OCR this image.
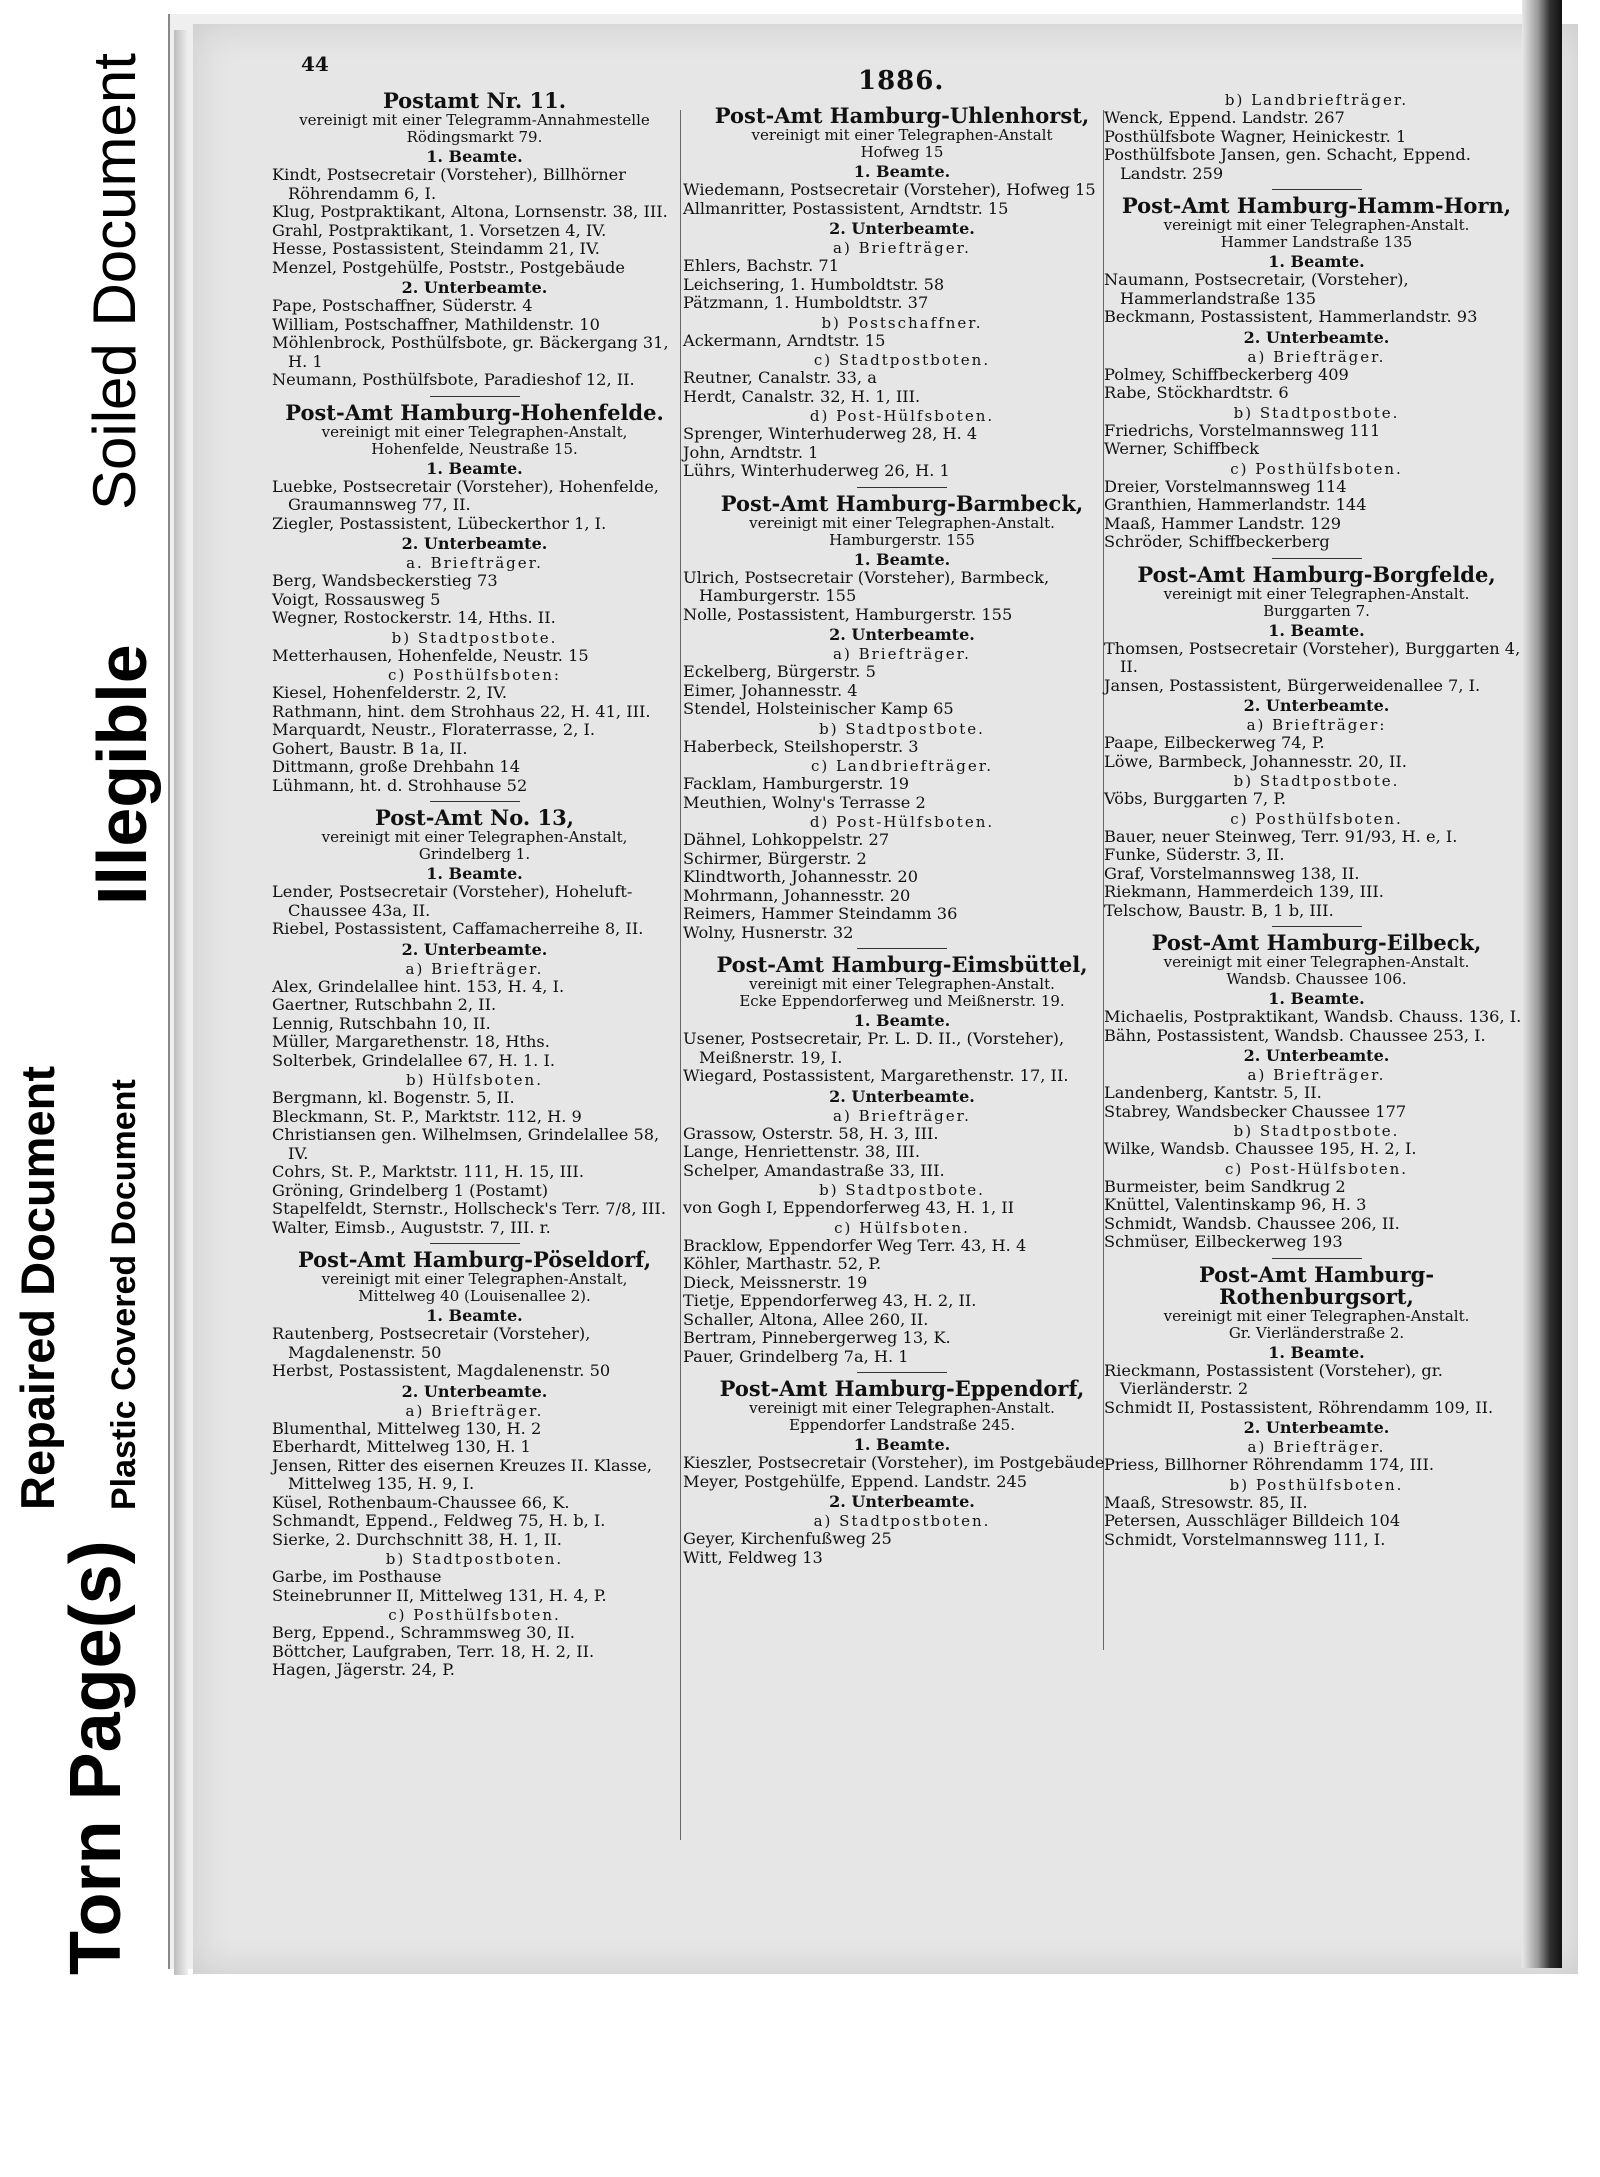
Soiled Document
Illegible
Repaired Document Plastic Covered Document
Torn Page(s)
44
1886.
Postamt Nr. 11.
vereinigt mit einer Telegramm-Annahmestelle
Rödingsmarkt 79.
1. Beamte.
Kindt, Postsecretair (Vorsteher), Billhörner Röhrendamm 6, I.
Klug, Postpraktikant, Altona, Lornsenstr. 38, III.
Grahl, Postpraktikant, 1. Vorsetzen 4, IV.
Hesse, Postassistent, Steindamm 21, IV.
Menzel, Postgehülfe, Poststr., Postgebäude
2. Unterbeamte.
Pape, Postschaffner, Süderstr. 4
William, Postschaffner, Mathildenstr. 10
Möhlenbrock, Posthülfsbote, gr. Bäckergang 31, H. 1
Neumann, Posthülfsbote, Paradieshof 12, II.
Post-Amt Hamburg-Hohenfelde.
vereinigt mit einer Telegraphen-Anstalt,
Hohenfelde, Neustraße 15.
1. Beamte.
Luebke, Postsecretair (Vorsteher), Hohenfelde, Graumannsweg 77, II.
Ziegler, Postassistent, Lübeckerthor 1, I.
2. Unterbeamte.
a. Briefträger.
Berg, Wandsbeckerstieg 73
Voigt, Rossausweg 5
Wegner, Rostockerstr. 14, Hths. II.
b) Stadtpostbote.
Metterhausen, Hohenfelde, Neustr. 15
c) Posthülfsboten:
Kiesel, Hohenfelderstr. 2, IV.
Rathmann, hint. dem Strohhaus 22, H. 41, III.
Marquardt, Neustr., Floraterrasse, 2, I.
Gohert, Baustr. B 1a, II.
Dittmann, große Drehbahn 14
Lühmann, ht. d. Strohhause 52
Post-Amt No. 13,
vereinigt mit einer Telegraphen-Anstalt,
Grindelberg 1.
1. Beamte.
Lender, Postsecretair (Vorsteher), Hoheluft-Chaussee 43a, II.
Riebel, Postassistent, Caffamacherreihe 8, II.
2. Unterbeamte.
a) Briefträger.
Alex, Grindelallee hint. 153, H. 4, I.
Gaertner, Rutschbahn 2, II.
Lennig, Rutschbahn 10, II.
Müller, Margarethenstr. 18, Hths.
Solterbek, Grindelallee 67, H. 1. I.
b) Hülfsboten.
Bergmann, kl. Bogenstr. 5, II.
Bleckmann, St. P., Marktstr. 112, H. 9
Christiansen gen. Wilhelmsen, Grindelallee 58, IV.
Cohrs, St. P., Marktstr. 111, H. 15, III.
Gröning, Grindelberg 1 (Postamt)
Stapelfeldt, Sternstr., Hollscheck's Terr. 7/8, III.
Walter, Eimsb., Auguststr. 7, III. r.
Post-Amt Hamburg-Pöseldorf,
vereinigt mit einer Telegraphen-Anstalt,
Mittelweg 40 (Louisenallee 2).
1. Beamte.
Rautenberg, Postsecretair (Vorsteher), Magdalenenstr. 50
Herbst, Postassistent, Magdalenenstr. 50
2. Unterbeamte.
a) Briefträger.
Blumenthal, Mittelweg 130, H. 2
Eberhardt, Mittelweg 130, H. 1
Jensen, Ritter des eisernen Kreuzes II. Klasse, Mittelweg 135, H. 9, I.
Küsel, Rothenbaum-Chaussee 66, K.
Schmandt, Eppend., Feldweg 75, H. b, I.
Sierke, 2. Durchschnitt 38, H. 1, II.
b) Stadtpostboten.
Garbe, im Posthause
Steinebrunner II, Mittelweg 131, H. 4, P.
c) Posthülfsboten.
Berg, Eppend., Schrammsweg 30, II.
Böttcher, Laufgraben, Terr. 18, H. 2, II.
Hagen, Jägerstr. 24, P.
Post-Amt Hamburg-Uhlenhorst,
vereinigt mit einer Telegraphen-Anstalt
Hofweg 15
1. Beamte.
Wiedemann, Postsecretair (Vorsteher), Hofweg 15
Allmanritter, Postassistent, Arndtstr. 15
2. Unterbeamte.
a) Briefträger.
Ehlers, Bachstr. 71
Leichsering, 1. Humboldtstr. 58
Pätzmann, 1. Humboldtstr. 37
b) Postschaffner.
Ackermann, Arndtstr. 15
c) Stadtpostboten.
Reutner, Canalstr. 33, a
Herdt, Canalstr. 32, H. 1, III.
d) Post-Hülfsboten.
Sprenger, Winterhuderweg 28, H. 4
John, Arndtstr. 1
Lührs, Winterhuderweg 26, H. 1
Post-Amt Hamburg-Barmbeck,
vereinigt mit einer Telegraphen-Anstalt.
Hamburgerstr. 155
1. Beamte.
Ulrich, Postsecretair (Vorsteher), Barmbeck, Hamburgerstr. 155
Nolle, Postassistent, Hamburgerstr. 155
2. Unterbeamte.
a) Briefträger.
Eckelberg, Bürgerstr. 5
Eimer, Johannesstr. 4
Stendel, Holsteinischer Kamp 65
b) Stadtpostbote.
Haberbeck, Steilshoperstr. 3
c) Landbriefträger.
Facklam, Hamburgerstr. 19
Meuthien, Wolny's Terrasse 2
d) Post-Hülfsboten.
Dähnel, Lohkoppelstr. 27
Schirmer, Bürgerstr. 2
Klindtworth, Johannesstr. 20
Mohrmann, Johannesstr. 20
Reimers, Hammer Steindamm 36
Wolny, Husnerstr. 32
Post-Amt Hamburg-Eimsbüttel,
vereinigt mit einer Telegraphen-Anstalt.
Ecke Eppendorferweg und Meißnerstr. 19.
1. Beamte.
Usener, Postsecretair, Pr. L. D. II., (Vorsteher), Meißnerstr. 19, I.
Wiegard, Postassistent, Margarethenstr. 17, II.
2. Unterbeamte.
a) Briefträger.
Grassow, Osterstr. 58, H. 3, III.
Lange, Henriettenstr. 38, III.
Schelper, Amandastraße 33, III.
b) Stadtpostbote.
von Gogh I, Eppendorferweg 43, H. 1, II
c) Hülfsboten.
Bracklow, Eppendorfer Weg Terr. 43, H. 4
Köhler, Marthastr. 52, P.
Dieck, Meissnerstr. 19
Tietje, Eppendorferweg 43, H. 2, II.
Schaller, Altona, Allee 260, II.
Bertram, Pinnebergerweg 13, K.
Pauer, Grindelberg 7a, H. 1
Post-Amt Hamburg-Eppendorf,
vereinigt mit einer Telegraphen-Anstalt.
Eppendorfer Landstraße 245.
1. Beamte.
Kieszler, Postsecretair (Vorsteher), im Postgebäude
Meyer, Postgehülfe, Eppend. Landstr. 245
2. Unterbeamte.
a) Stadtpostboten.
Geyer, Kirchenfußweg 25
Witt, Feldweg 13
b) Landbriefträger.
Wenck, Eppend. Landstr. 267
Posthülfsbote Wagner, Heinickestr. 1
Posthülfsbote Jansen, gen. Schacht, Eppend. Landstr. 259
Post-Amt Hamburg-Hamm-Horn,
vereinigt mit einer Telegraphen-Anstalt.
Hammer Landstraße 135
1. Beamte.
Naumann, Postsecretair, (Vorsteher), Hammerlandstraße 135
Beckmann, Postassistent, Hammerlandstr. 93
2. Unterbeamte.
a) Briefträger.
Polmey, Schiffbeckerberg 409
Rabe, Stöckhardtstr. 6
b) Stadtpostbote.
Friedrichs, Vorstelmannsweg 111
Werner, Schiffbeck
c) Posthülfsboten.
Dreier, Vorstelmannsweg 114
Granthien, Hammerlandstr. 144
Maaß, Hammer Landstr. 129
Schröder, Schiffbeckerberg
Post-Amt Hamburg-Borgfelde,
vereinigt mit einer Telegraphen-Anstalt.
Burggarten 7.
1. Beamte.
Thomsen, Postsecretair (Vorsteher), Burggarten 4, II.
Jansen, Postassistent, Bürgerweidenallee 7, I.
2. Unterbeamte.
a) Briefträger:
Paape, Eilbeckerweg 74, P.
Löwe, Barmbeck, Johannesstr. 20, II.
b) Stadtpostbote.
Vöbs, Burggarten 7, P.
c) Posthülfsboten.
Bauer, neuer Steinweg, Terr. 91/93, H. e, I.
Funke, Süderstr. 3, II.
Graf, Vorstelmannsweg 138, II.
Riekmann, Hammerdeich 139, III.
Telschow, Baustr. B, 1 b, III.
Post-Amt Hamburg-Eilbeck,
vereinigt mit einer Telegraphen-Anstalt.
Wandsb. Chaussee 106.
1. Beamte.
Michaelis, Postpraktikant, Wandsb. Chauss. 136, I.
Bähn, Postassistent, Wandsb. Chaussee 253, I.
2. Unterbeamte.
a) Briefträger.
Landenberg, Kantstr. 5, II.
Stabrey, Wandsbecker Chaussee 177
b) Stadtpostbote.
Wilke, Wandsb. Chaussee 195, H. 2, I.
c) Post-Hülfsboten.
Burmeister, beim Sandkrug 2
Knüttel, Valentinskamp 96, H. 3
Schmidt, Wandsb. Chaussee 206, II.
Schmüser, Eilbeckerweg 193
Post-Amt Hamburg-Rothenburgsort,
vereinigt mit einer Telegraphen-Anstalt.
Gr. Vierländerstraße 2.
1. Beamte.
Rieckmann, Postassistent (Vorsteher), gr. Vierländerstr. 2
Schmidt II, Postassistent, Röhrendamm 109, II.
2. Unterbeamte.
a) Briefträger.
Priess, Billhorner Röhrendamm 174, III.
b) Posthülfsboten.
Maaß, Stresowstr. 85, II.
Petersen, Ausschläger Billdeich 104
Schmidt, Vorstelmannsweg 111, I.
